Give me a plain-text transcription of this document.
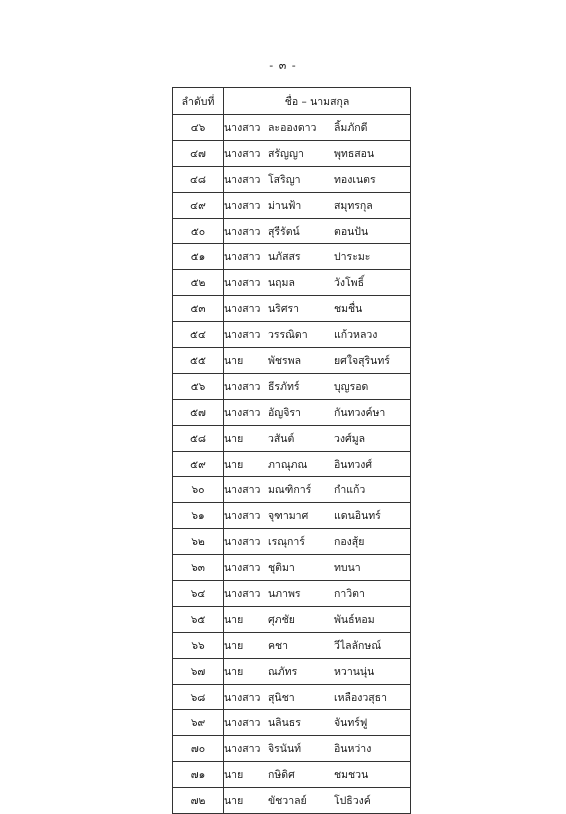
- ๓ -
ลำดับที่	ชื่อ – นามสกุล
๔๖	นางสาว ละอองดาว ลิ้มภักดี
๔๗	นางสาว สรัญญา พุทธสอน
๔๘	นางสาว โสริญา ทองเนตร
๔๙	นางสาว ม่านฟ้า สมุทรกุล
๕๐	นางสาว สุรีรัตน์ ตอนปัน
๕๑	นางสาว นภัสสร ปาระมะ
๕๒	นางสาว นฤมล วังโพธิ์
๕๓	นางสาว นริศรา ชมชื่น
๕๔	นางสาว วรรณิดา แก้วหลวง
๕๕	นาย พัชรพล ยศใจสุรินทร์
๕๖	นางสาว ธีรภัทร์ บุญรอด
๕๗	นางสาว อัญจิรา กันทวงค์ษา
๕๘	นาย วสันต์ วงศ์มูล
๕๙	นาย ภาณุภณ อินทวงศ์
๖๐	นางสาว มณฑิการ์ กำแก้ว
๖๑	นางสาว จุฑามาศ แดนอินทร์
๖๒	นางสาว เรณุการ์ กองสุ้ย
๖๓	นางสาว ชุติมา ทบนา
๖๔	นางสาว นภาพร กาวิตา
๖๕	นาย ศุภชัย พันธ์หอม
๖๖	นาย คชา วีไลลักษณ์
๖๗	นาย ณภัทร หวานนุ่น
๖๘	นางสาว สุนิชา เหลืองวสุธา
๖๙	นางสาว นลินธร จันทร์ฟู
๗๐	นางสาว จิรนันท์ อินหว่าง
๗๑	นาย กษิดิศ ชมชวน
๗๒	นาย ขัชวาลย์ โปธิวงค์
